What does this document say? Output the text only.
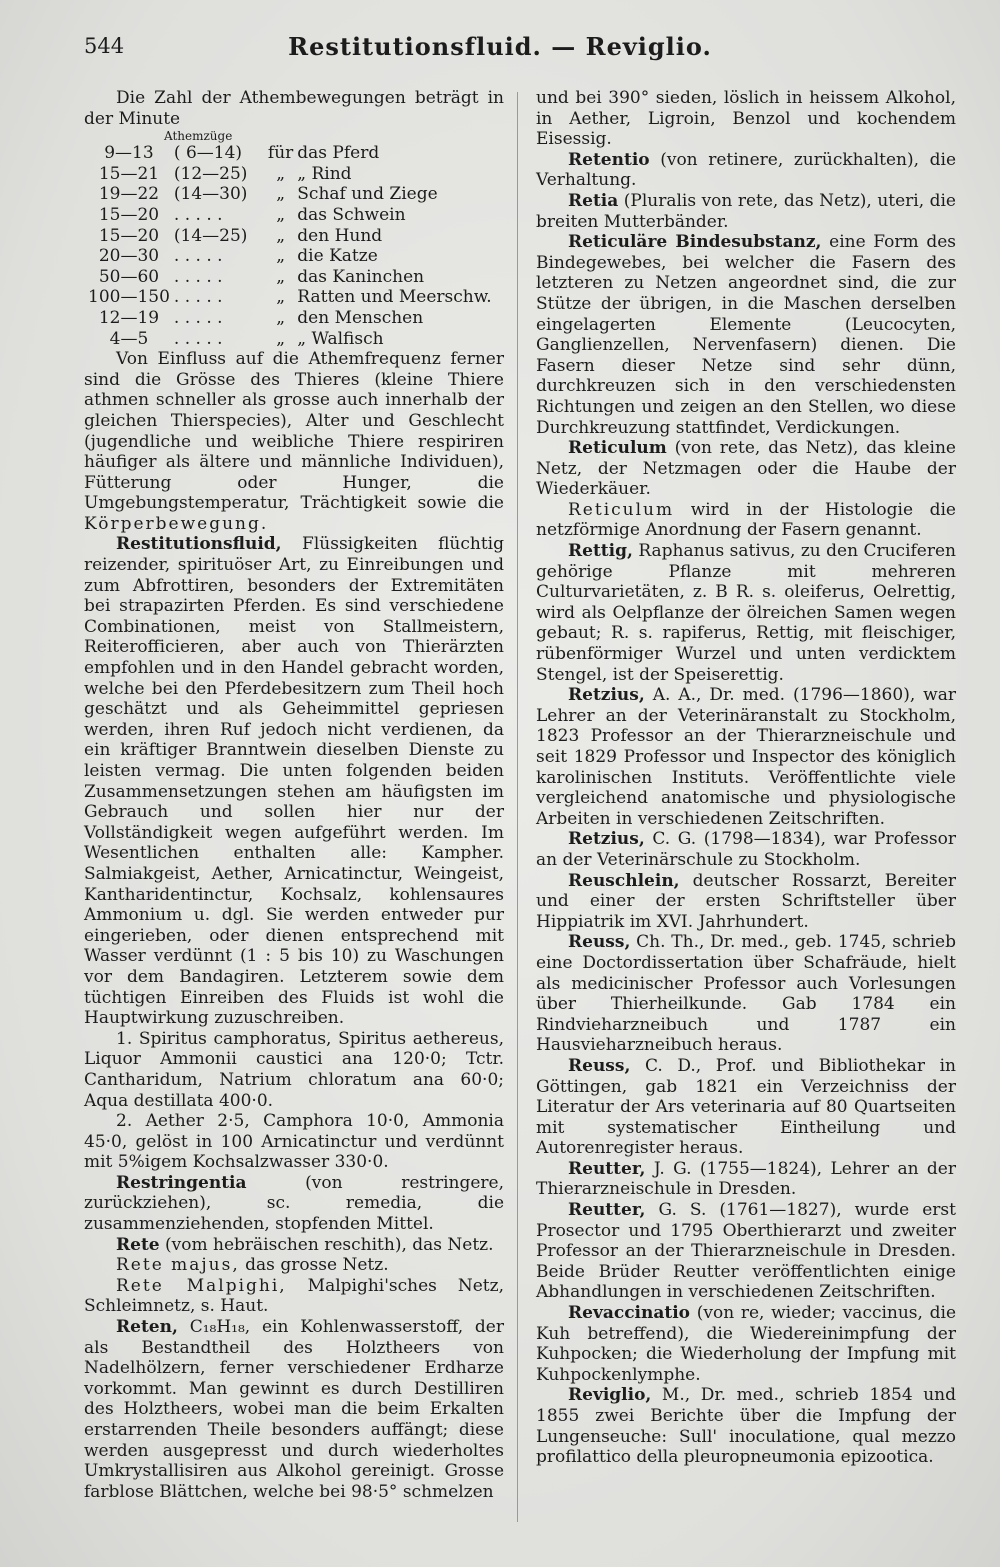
544	Restitutionsfluid. — Reviglio.

Die Zahl der Athembewegungen beträgt in der Minute

Athemzüge
9—13	( 6—14)	für	das Pferd
15—21	(12—25)	„	„ Rind
19—22	(14—30)	„	Schaf und Ziege
15—20	. . . . .	„	das Schwein
15—20	(14—25)	„	den Hund
20—30	. . . . .	„	die Katze
50—60	. . . . .	„	das Kaninchen
100—150	. . . . .	„	Ratten und Meerschw.
12—19	. . . . .	„	den Menschen
4—5	. . . . .	„	„ Walfisch

Von Einfluss auf die Athemfrequenz ferner sind die Grösse des Thieres (kleine Thiere athmen schneller als grosse auch innerhalb der gleichen Thierspecies), Alter und Geschlecht (jugendliche und weibliche Thiere respiriren häufiger als ältere und männliche Individuen), Fütterung oder Hunger, die Umgebungstemperatur, Trächtigkeit sowie die Körperbewegung.

Restitutionsfluid, Flüssigkeiten flüchtig reizender, spirituöser Art, zu Einreibungen und zum Abfrottiren, besonders der Extremitäten bei strapazirten Pferden. Es sind verschiedene Combinationen, meist von Stallmeistern, Reiterofficieren, aber auch von Thierärzten empfohlen und in den Handel gebracht worden, welche bei den Pferdebesitzern zum Theil hoch geschätzt und als Geheimmittel gepriesen werden, ihren Ruf jedoch nicht verdienen, da ein kräftiger Branntwein dieselben Dienste zu leisten vermag. Die unten folgenden beiden Zusammensetzungen stehen am häufigsten im Gebrauch und sollen hier nur der Vollständigkeit wegen aufgeführt werden. Im Wesentlichen enthalten alle: Kampher. Salmiakgeist, Aether, Arnicatinctur, Weingeist, Kantharidentinctur, Kochsalz, kohlensaures Ammonium u. dgl. Sie werden entweder pur eingerieben, oder dienen entsprechend mit Wasser verdünnt (1 : 5 bis 10) zu Waschungen vor dem Bandagiren. Letzterem sowie dem tüchtigen Einreiben des Fluids ist wohl die Hauptwirkung zuzuschreiben.

1. Spiritus camphoratus, Spiritus aethereus, Liquor Ammonii caustici ana 120·0; Tctr. Cantharidum, Natrium chloratum ana 60·0; Aqua destillata 400·0.

2. Aether 2·5, Camphora 10·0, Ammonia 45·0, gelöst in 100 Arnicatinctur und verdünnt mit 5%igem Kochsalzwasser 330·0.

Restringentia (von restringere, zurückziehen), sc. remedia, die zusammenziehenden, stopfenden Mittel.

Rete (vom hebräischen reschith), das Netz.

Rete majus, das grosse Netz.

Rete Malpighi, Malpighi'sches Netz, Schleimnetz, s. Haut.

Reten, C₁₈H₁₈, ein Kohlenwasserstoff, der als Bestandtheil des Holztheers von Nadelhölzern, ferner verschiedener Erdharze vorkommt. Man gewinnt es durch Destilliren des Holztheers, wobei man die beim Erkalten erstarrenden Theile besonders auffängt; diese werden ausgepresst und durch wiederholtes Umkrystallisiren aus Alkohol gereinigt. Grosse farblose Blättchen, welche bei 98·5° schmelzen

und bei 390° sieden, löslich in heissem Alkohol, in Aether, Ligroin, Benzol und kochendem Eisessig.

Retentio (von retinere, zurückhalten), die Verhaltung.

Retia (Pluralis von rete, das Netz), uteri, die breiten Mutterbänder.

Reticuläre Bindesubstanz, eine Form des Bindegewebes, bei welcher die Fasern des letzteren zu Netzen angeordnet sind, die zur Stütze der übrigen, in die Maschen derselben eingelagerten Elemente (Leucocyten, Ganglienzellen, Nervenfasern) dienen. Die Fasern dieser Netze sind sehr dünn, durchkreuzen sich in den verschiedensten Richtungen und zeigen an den Stellen, wo diese Durchkreuzung stattfindet, Verdickungen.

Reticulum (von rete, das Netz), das kleine Netz, der Netzmagen oder die Haube der Wiederkäuer.

Reticulum wird in der Histologie die netzförmige Anordnung der Fasern genannt.

Rettig, Raphanus sativus, zu den Cruciferen gehörige Pflanze mit mehreren Culturvarietäten, z. B R. s. oleiferus, Oelrettig, wird als Oelpflanze der ölreichen Samen wegen gebaut; R. s. rapiferus, Rettig, mit fleischiger, rübenförmiger Wurzel und unten verdicktem Stengel, ist der Speiserettig.

Retzius, A. A., Dr. med. (1796—1860), war Lehrer an der Veterinäranstalt zu Stockholm, 1823 Professor an der Thierarzneischule und seit 1829 Professor und Inspector des königlich karolinischen Instituts. Veröffentlichte viele vergleichend anatomische und physiologische Arbeiten in verschiedenen Zeitschriften.

Retzius, C. G. (1798—1834), war Professor an der Veterinärschule zu Stockholm.

Reuschlein, deutscher Rossarzt, Bereiter und einer der ersten Schriftsteller über Hippiatrik im XVI. Jahrhundert.

Reuss, Ch. Th., Dr. med., geb. 1745, schrieb eine Doctordissertation über Schafräude, hielt als medicinischer Professor auch Vorlesungen über Thierheilkunde. Gab 1784 ein Rindvieharzneibuch und 1787 ein Hausvieharzneibuch heraus.

Reuss, C. D., Prof. und Bibliothekar in Göttingen, gab 1821 ein Verzeichniss der Literatur der Ars veterinaria auf 80 Quartseiten mit systematischer Eintheilung und Autorenregister heraus.

Reutter, J. G. (1755—1824), Lehrer an der Thierarzneischule in Dresden.

Reutter, G. S. (1761—1827), wurde erst Prosector und 1795 Oberthierarzt und zweiter Professor an der Thierarzneischule in Dresden. Beide Brüder Reutter veröffentlichten einige Abhandlungen in verschiedenen Zeitschriften.

Revaccinatio (von re, wieder; vaccinus, die Kuh betreffend), die Wiedereinimpfung der Kuhpocken; die Wiederholung der Impfung mit Kuhpockenlymphe.

Reviglio, M., Dr. med., schrieb 1854 und 1855 zwei Berichte über die Impfung der Lungenseuche: Sull' inoculatione, qual mezzo profilattico della pleuropneumonia epizootica.
